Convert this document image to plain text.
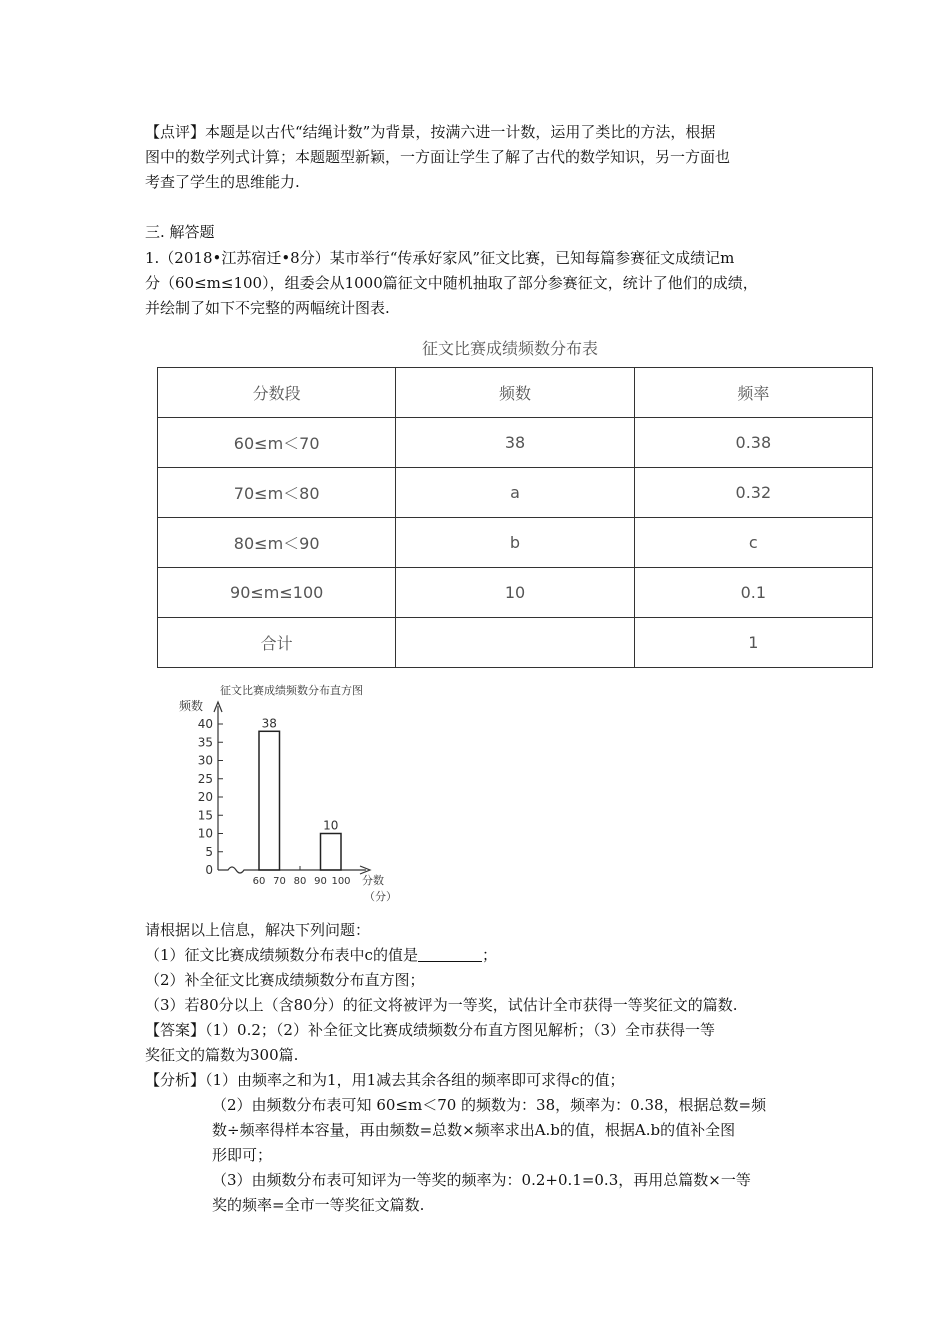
【点评】本题是以古代“结绳计数”为背景，按满六进一计数，运用了类比的方法，根据
图中的数学列式计算；本题题型新颖，一方面让学生了解了古代的数学知识，另一方面也
考查了学生的思维能力.
三. 解答题
1.（2018•江苏宿迁•8分）某市举行“传承好家风”征文比赛，已知每篇参赛征文成绩记m
分（60≤m≤100），组委会从1000篇征文中随机抽取了部分参赛征文，统计了他们的成绩，
并绘制了如下不完整的两幅统计图表.
征文比赛成绩频数分布表
分数段	频数	频率
60≤m＜70	38	0.38
70≤m＜80	a	0.32
80≤m＜90	b	c
90≤m≤100	10	0.1
合计		1
征文比赛成绩频数分布直方图
频数
分数
（分）
0
5
10
15
20
25
30
35
40
60 70 80 90 100
38
10
请根据以上信息，解决下列问题：
（1）征文比赛成绩频数分布表中c的值是	；
（2）补全征文比赛成绩频数分布直方图；
（3）若80分以上（含80分）的征文将被评为一等奖，试估计全市获得一等奖征文的篇数.
【答案】（1）0.2；（2）补全征文比赛成绩频数分布直方图见解析；（3）全市获得一等
奖征文的篇数为300篇.
【分析】（1）由频率之和为1，用1减去其余各组的频率即可求得c的值；
（2）由频数分布表可知 60≤m＜70 的频数为：38，频率为：0.38，根据总数=频
数÷频率得样本容量，再由频数=总数×频率求出A.b的值，根据A.b的值补全图
形即可；
（3）由频数分布表可知评为一等奖的频率为：0.2+0.1=0.3，再用总篇数×一等
奖的频率=全市一等奖征文篇数.
